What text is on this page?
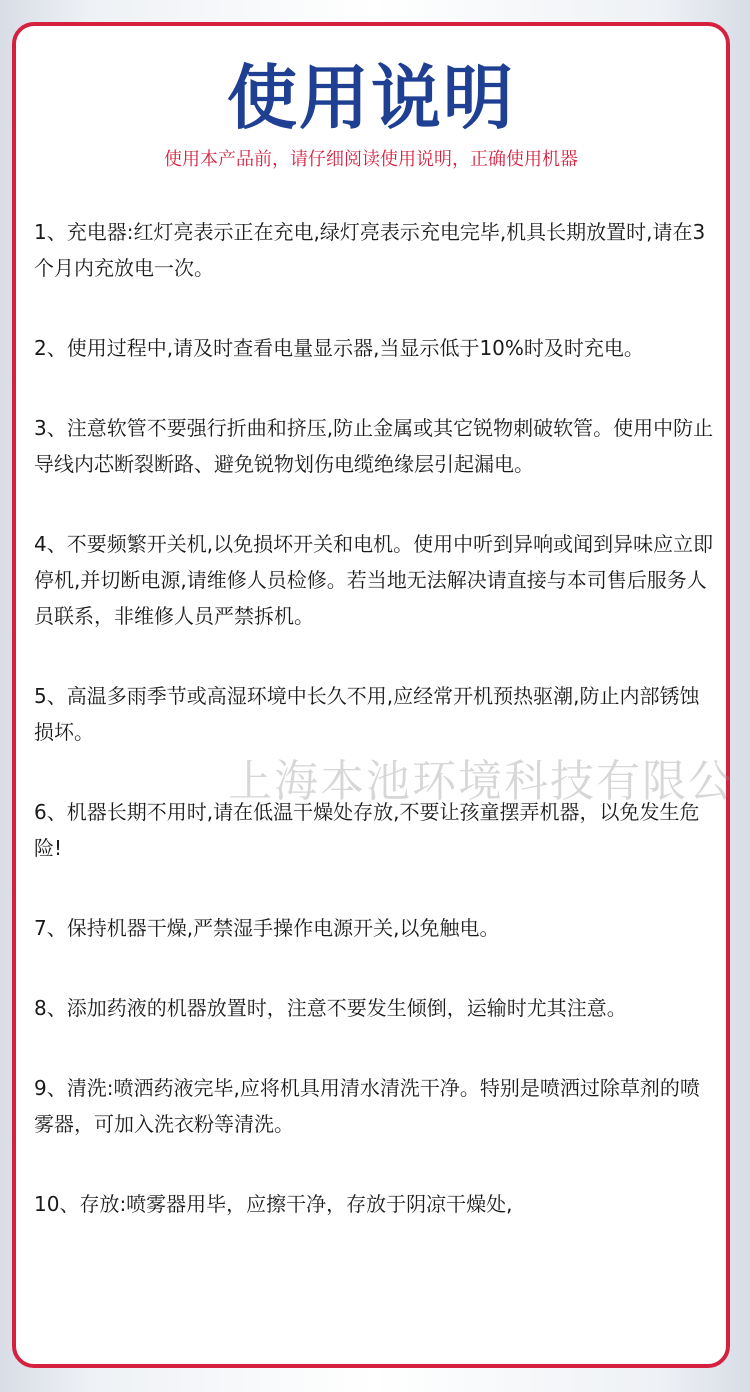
使用说明
使用本产品前，请仔细阅读使用说明，正确使用机器

1、充电器:红灯亮表示正在充电,绿灯亮表示充电完毕,机具长期放置时,请在3个月内充放电一次。

2、使用过程中,请及时查看电量显示器,当显示低于10%时及时充电。

3、注意软管不要强行折曲和挤压,防止金属或其它锐物刺破软管。使用中防止导线内芯断裂断路、避免锐物划伤电缆绝缘层引起漏电。

4、不要频繁开关机,以免损坏开关和电机。使用中听到异响或闻到异味应立即停机,并切断电源,请维修人员检修。若当地无法解决请直接与本司售后服务人员联系，非维修人员严禁拆机。

5、高温多雨季节或高湿环境中长久不用,应经常开机预热驱潮,防止内部锈蚀损坏。

6、机器长期不用时,请在低温干燥处存放,不要让孩童摆弄机器，以免发生危险!

7、保持机器干燥,严禁湿手操作电源开关,以免触电。

8、添加药液的机器放置时，注意不要发生倾倒，运输时尤其注意。

9、清洗:喷洒药液完毕,应将机具用清水清洗干净。特别是喷洒过除草剂的喷雾器，可加入洗衣粉等清洗。

10、存放:喷雾器用毕，应擦干净，存放于阴凉干燥处,

上海本池环境科技有限公
